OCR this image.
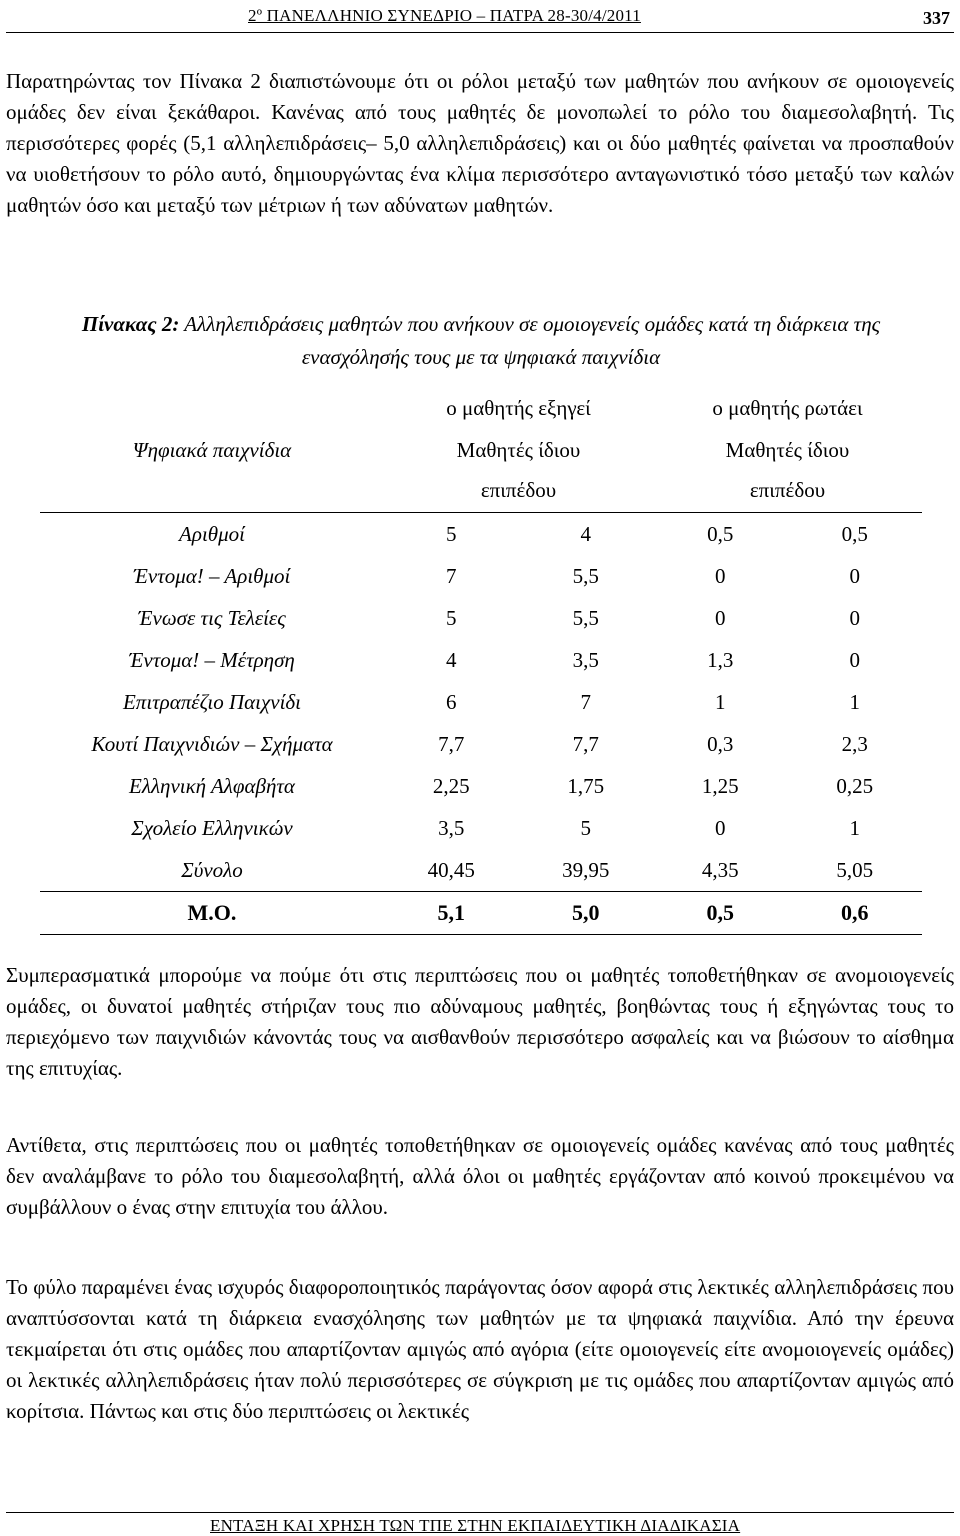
2º ΠΑΝΕΛΛΗΝΙΟ ΣΥΝΕΔΡΙΟ – ΠΑΤΡΑ 28-30/4/2011	337

Παρατηρώντας τον Πίνακα 2 διαπιστώνουμε ότι οι ρόλοι μεταξύ των μαθητών που ανήκουν σε ομοιογενείς ομάδες δεν είναι ξεκάθαροι. Κανένας από τους μαθητές δε μονοπωλεί το ρόλο του διαμεσολαβητή. Τις περισσότερες φορές (5,1 αλληλεπιδράσεις– 5,0 αλληλεπιδράσεις) και οι δύο μαθητές φαίνεται να προσπαθούν να υιοθετήσουν το ρόλο αυτό, δημιουργώντας ένα κλίμα περισσότερο ανταγωνιστικό τόσο μεταξύ των καλών μαθητών όσο και μεταξύ των μέτριων ή των αδύνατων μαθητών.

Πίνακας 2: Αλληλεπιδράσεις μαθητών που ανήκουν σε ομοιογενείς ομάδες κατά τη διάρκεια της ενασχόλησής τους με τα ψηφιακά παιχνίδια
Ψηφιακά παιχνίδια	ο μαθητής εξηγεί		ο μαθητής ρωτάει	

	Μαθητές ίδιου επιπέδου		Μαθητές ίδιου επιπέδου	

Αριθμοί	5	4	0,5	0,5
Έντομα! – Αριθμοί	7	5,5	0	0
Ένωσε τις Τελείες	5	5,5	0	0
Έντομα! – Μέτρηση	4	3,5	1,3	0
Επιτραπέζιο Παιχνίδι	6	7	1	1
Κουτί Παιχνιδιών – Σχήματα	7,7	7,7	0,3	2,3
Ελληνική Αλφαβήτα	2,25	1,75	1,25	0,25
Σχολείο Ελληνικών	3,5	5	0	1
Σύνολο	40,45	39,95	4,35	5,05
Μ.Ο.	5,1	5,0	0,5	0,6

Συμπερασματικά μπορούμε να πούμε ότι στις περιπτώσεις που οι μαθητές τοποθετήθηκαν σε ανομοιογενείς ομάδες, οι δυνατοί μαθητές στήριζαν τους πιο αδύναμους μαθητές, βοηθώντας τους ή εξηγώντας τους το περιεχόμενο των παιχνιδιών κάνοντάς τους να αισθανθούν περισσότερο ασφαλείς και να βιώσουν το αίσθημα της επιτυχίας.

Αντίθετα, στις περιπτώσεις που οι μαθητές τοποθετήθηκαν σε ομοιογενείς ομάδες κανένας από τους μαθητές δεν αναλάμβανε το ρόλο του διαμεσολαβητή, αλλά όλοι οι μαθητές εργάζονταν από κοινού προκειμένου να συμβάλλουν ο ένας στην επιτυχία του άλλου.

Το φύλο παραμένει ένας ισχυρός διαφοροποιητικός παράγοντας όσον αφορά στις λεκτικές αλληλεπιδράσεις που αναπτύσσονται κατά τη διάρκεια ενασχόλησης των μαθητών με τα ψηφιακά παιχνίδια. Από την έρευνα τεκμαίρεται ότι στις ομάδες που απαρτίζονταν αμιγώς από αγόρια (είτε ομοιογενείς είτε ανομοιογενείς ομάδες) οι λεκτικές αλληλεπιδράσεις ήταν πολύ περισσότερες σε σύγκριση με τις ομάδες που απαρτίζονταν αμιγώς από κορίτσια. Πάντως και στις δύο περιπτώσεις οι λεκτικές

ΕΝΤΑΞΗ ΚΑΙ ΧΡΗΣΗ ΤΩΝ ΤΠΕ ΣΤΗΝ ΕΚΠΑΙΔΕΥΤΙΚΗ ΔΙΑΔΙΚΑΣΙΑ
